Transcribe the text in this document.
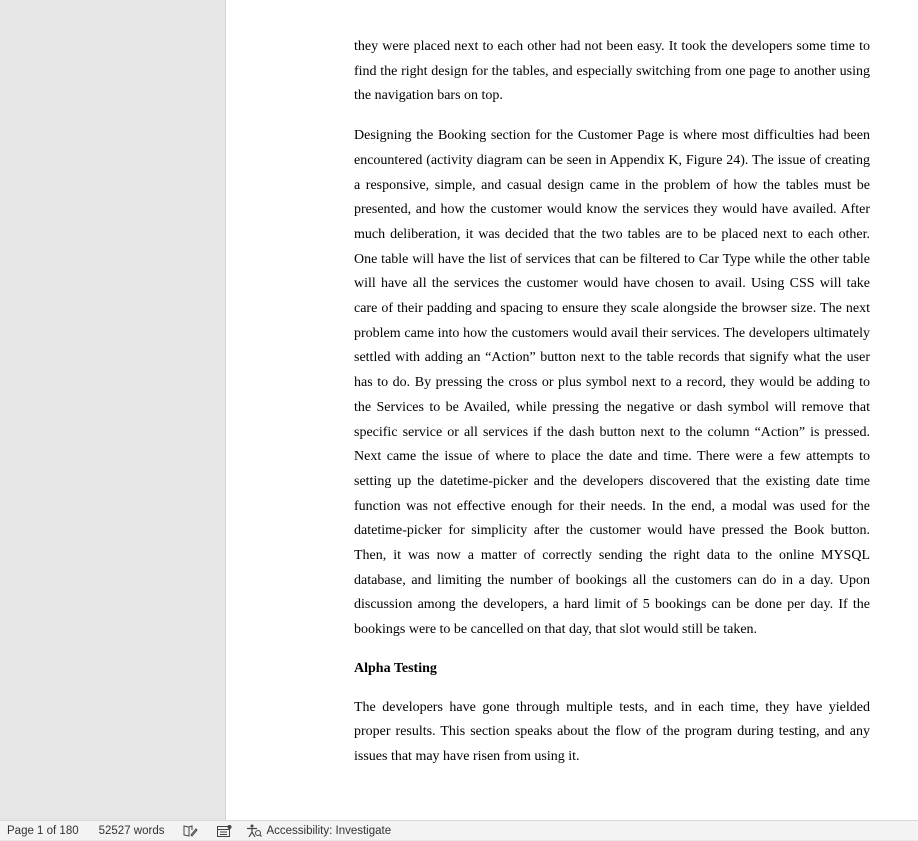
they were placed next to each other had not been easy. It took the developers some time to find the right design for the tables, and especially switching from one page to another using the navigation bars on top.

Designing the Booking section for the Customer Page is where most difficulties had been encountered (activity diagram can be seen in Appendix K, Figure 24). The issue of creating a responsive, simple, and casual design came in the problem of how the tables must be presented, and how the customer would know the services they would have availed. After much deliberation, it was decided that the two tables are to be placed next to each other. One table will have the list of services that can be filtered to Car Type while the other table will have all the services the customer would have chosen to avail. Using CSS will take care of their padding and spacing to ensure they scale alongside the browser size. The next problem came into how the customers would avail their services. The developers ultimately settled with adding an “Action” button next to the table records that signify what the user has to do. By pressing the cross or plus symbol next to a record, they would be adding to the Services to be Availed, while pressing the negative or dash symbol will remove that specific service or all services if the dash button next to the column “Action” is pressed. Next came the issue of where to place the date and time. There were a few attempts to setting up the datetime-picker and the developers discovered that the existing date time function was not effective enough for their needs. In the end, a modal was used for the datetime-picker for simplicity after the customer would have pressed the Book button. Then, it was now a matter of correctly sending the right data to the online MYSQL database, and limiting the number of bookings all the customers can do in a day. Upon discussion among the developers, a hard limit of 5 bookings can be done per day. If the bookings were to be cancelled on that day, that slot would still be taken.

Alpha Testing

The developers have gone through multiple tests, and in each time, they have yielded proper results. This section speaks about the flow of the program during testing, and any issues that may have risen from using it.

Page 1 of 180 52527 words	Accessibility: Investigate
